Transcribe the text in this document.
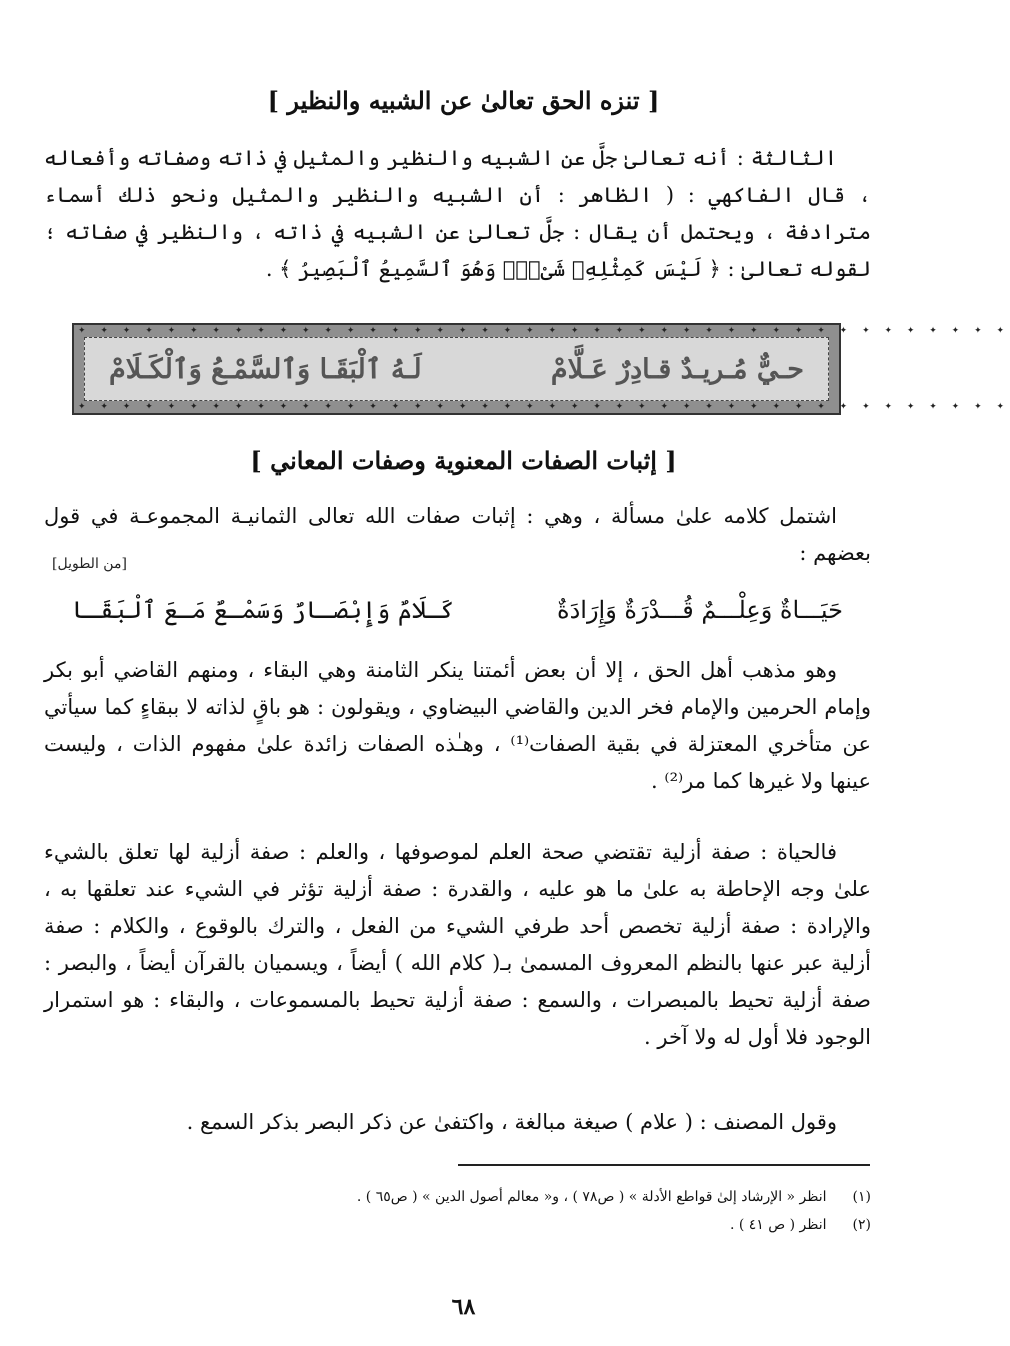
[ تنزه الحق تعالىٰ عن الشبيه والنظير ]

الثالثة : أنه تعالىٰ جلَّ عن الشبيه والنظير والمثيل في ذاته وصفاته وأفعاله ، قال الفاكهي : ( الظاهر : أن الشبيه والنظير والمثيل ونحو ذلك أسماء مترادفة ، ويحتمل أن يقال : جلَّ تعالىٰ عن الشبيه في ذاته ، والنظير في صفاته ؛ لقوله تعالىٰ : ﴿ لَيْسَ كَمِثْلِهِۦ شَىْءٌۖ وَهُوَ ٱلسَّمِيعُ ٱلْبَصِيرُ ﴾ .

✦ ✦ ✦ ✦ ✦ ✦ ✦ ✦ ✦ ✦ ✦ ✦ ✦ ✦ ✦ ✦ ✦ ✦ ✦ ✦ ✦ ✦ ✦ ✦ ✦ ✦ ✦ ✦ ✦ ✦ ✦ ✦ ✦ ✦ ✦ ✦ ✦ ✦ ✦ ✦ ✦ ✦
حـيٌّ مُـريـدٌ قـادِرٌ عَـلَّامْ
لَـهُ ٱلْبَقَـا وَٱلسَّمْـعُ وَٱلْكَـلَامْ
✦ ✦ ✦ ✦ ✦ ✦ ✦ ✦ ✦ ✦ ✦ ✦ ✦ ✦ ✦ ✦ ✦ ✦ ✦ ✦ ✦ ✦ ✦ ✦ ✦ ✦ ✦ ✦ ✦ ✦ ✦ ✦ ✦ ✦ ✦ ✦ ✦ ✦ ✦ ✦ ✦ ✦
[ إثبات الصفات المعنوية وصفات المعاني ]

اشتمل كلامه علىٰ مسألة ، وهي : إثبات صفات الله تعالى الثمانيـة المجموعـة في قول بعضهم :

[من الطويل]
حَيَـــاةٌ وَعِلْـــمٌ قُـــدْرَةٌ وَإِرَادَةٌ
كَـلَامٌ وَإِبْصَـارٌ وَسَمْـعٌ مَـعَ ٱلْبَقَـا

وهو مذهب أهل الحق ، إلا أن بعض أئمتنا ينكر الثامنة وهي البقاء ، ومنهم القاضي أبو بكر وإمام الحرمين والإمام فخر الدين والقاضي البيضاوي ، ويقولون : هو باقٍ لذاته لا ببقاءٍ كما سيأتي عن متأخري المعتزلة في بقية الصفات⁽¹⁾ ، وهـٰذه الصفات زائدة علىٰ مفهوم الذات ، وليست عينها ولا غيرها كما مر⁽²⁾ .

فالحياة : صفة أزلية تقتضي صحة العلم لموصوفها ، والعلم : صفة أزلية لها تعلق بالشيء علىٰ وجه الإحاطة به علىٰ ما هو عليه ، والقدرة : صفة أزلية تؤثر في الشيء عند تعلقها به ، والإرادة : صفة أزلية تخصص أحد طرفي الشيء من الفعل ، والترك بالوقوع ، والكلام : صفة أزلية عبر عنها بالنظم المعروف المسمىٰ بـ( كلام الله ) أيضاً ، ويسميان بالقرآن أيضاً ، والبصر : صفة أزلية تحيط بالمبصرات ، والسمع : صفة أزلية تحيط بالمسموعات ، والبقاء : هو استمرار الوجود فلا أول له ولا آخر .

وقول المصنف : ( علام ) صيغة مبالغة ، واكتفىٰ عن ذكر البصر بذكر السمع .

(١) انظر « الإرشاد إلىٰ قواطع الأدلة » ( ص٧٨ ) ، و« معالم أصول الدين » ( ص٦٥ ) .
(٢) انظر ( ص ٤١ ) .
٦٨
